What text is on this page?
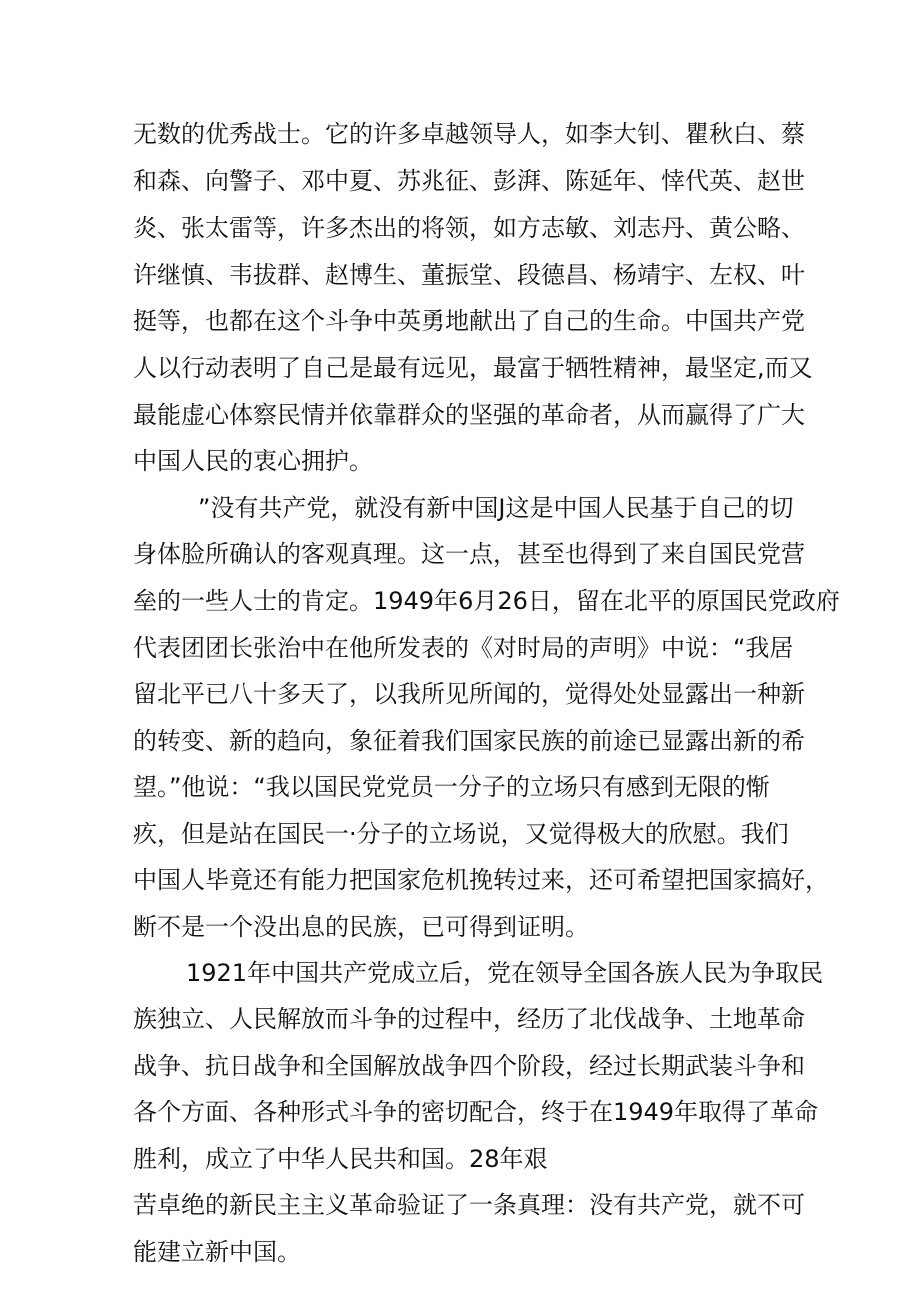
无数的优秀战士。它的许多卓越领导人，如李大钊、瞿秋白、蔡
和森、向警子、邓中夏、苏兆征、彭湃、陈延年、悻代英、赵世
炎、张太雷等，许多杰出的将领，如方志敏、刘志丹、黄公略、
许继慎、韦拔群、赵博生、董振堂、段德昌、杨靖宇、左权、叶
挺等，也都在这个斗争中英勇地献出了自己的生命。中国共产党
人以行动表明了自己是最有远见，最富于牺牲精神，最坚定,而又
最能虚心体察民情并依靠群众的坚强的革命者，从而赢得了广大
中国人民的衷心拥护。
”没有共产党，就没有新中国J这是中国人民基于自己的切
身体脸所确认的客观真理。这一点，甚至也得到了来自国民党营
垒的一些人士的肯定。1949年6月26日，留在北平的原国民党政府
代表团团长张治中在他所发表的《对时局的声明》中说：“我居
留北平已八十多天了，以我所见所闻的，觉得处处显露出一种新
的转变、新的趋向，象征着我们国家民族的前途已显露出新的希
望。”他说：“我以国民党党员一分子的立场只有感到无限的惭
疚，但是站在国民一·分子的立场说，又觉得极大的欣慰。我们
中国人毕竟还有能力把国家危机挽转过来，还可希望把国家搞好，
断不是一个没出息的民族，已可得到证明。
1921年中国共产党成立后，党在领导全国各族人民为争取民
族独立、人民解放而斗争的过程中，经历了北伐战争、土地革命
战争、抗日战争和全国解放战争四个阶段，经过长期武装斗争和
各个方面、各种形式斗争的密切配合，终于在1949年取得了革命
胜利，成立了中华人民共和国。28年艰
苦卓绝的新民主主义革命验证了一条真理：没有共产党，就不可
能建立新中国。
